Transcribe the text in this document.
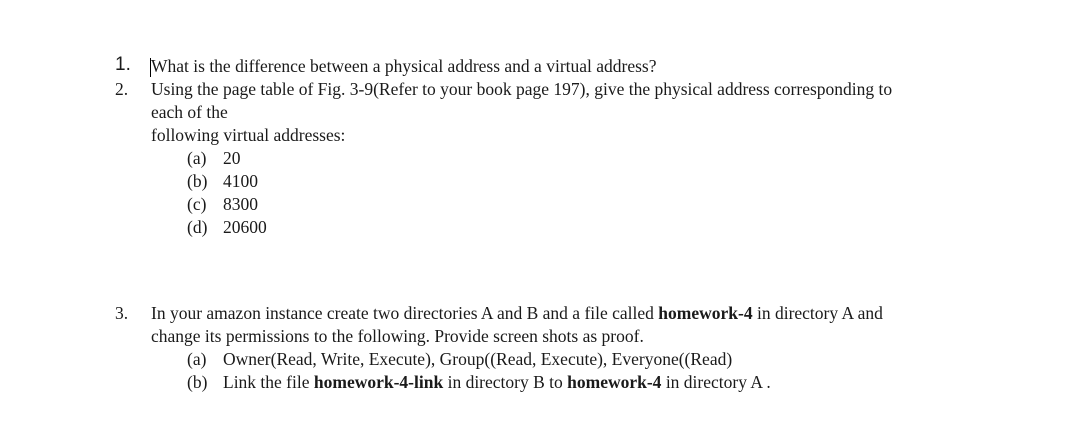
1. What is the difference between a physical address and a virtual address?
2. Using the page table of Fig. 3-9(Refer to your book page 197), give the physical address corresponding to
each of the
following virtual addresses:
(a) 20
(b) 4100
(c) 8300
(d) 20600
3. In your amazon instance create two directories A and B and a file called homework-4 in directory A and
change its permissions to the following. Provide screen shots as proof.
(a) Owner(Read, Write, Execute), Group((Read, Execute), Everyone((Read)
(b) Link the file homework-4-link in directory B to homework-4 in directory A .
